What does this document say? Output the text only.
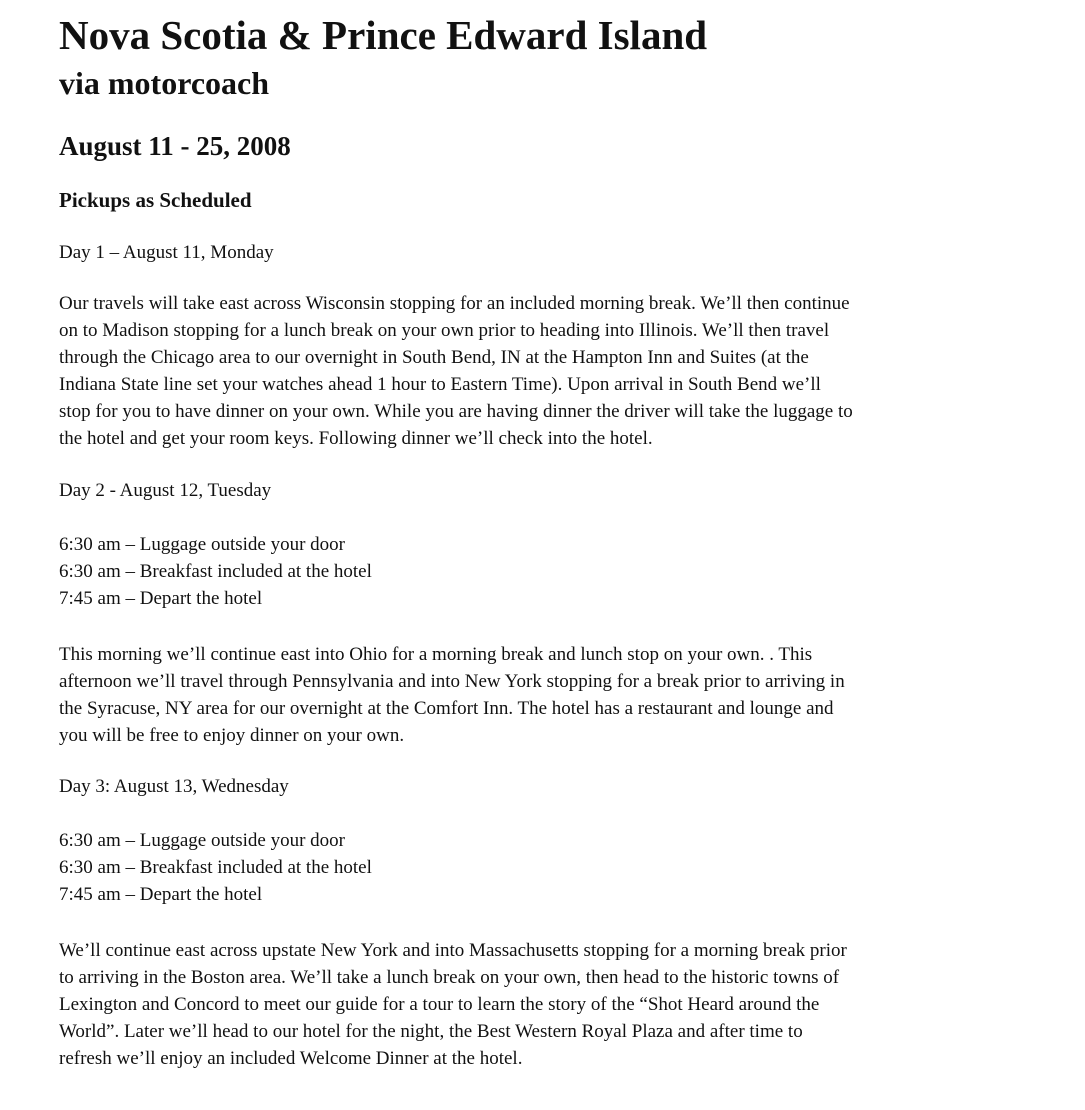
Nova Scotia & Prince Edward Island
via motorcoach
August 11 - 25, 2008
Pickups as Scheduled

Day 1 – August 11, Monday

Our travels will take east across Wisconsin stopping for an included morning break. We’ll then continue
on to Madison stopping for a lunch break on your own prior to heading into Illinois. We’ll then travel
through the Chicago area to our overnight in South Bend, IN at the Hampton Inn and Suites (at the
Indiana State line set your watches ahead 1 hour to Eastern Time). Upon arrival in South Bend we’ll
stop for you to have dinner on your own. While you are having dinner the driver will take the luggage to
the hotel and get your room keys. Following dinner we’ll check into the hotel.

Day 2 - August 12, Tuesday

6:30 am – Luggage outside your door
6:30 am – Breakfast included at the hotel
7:45 am – Depart the hotel
This morning we’ll continue east into Ohio for a morning break and lunch stop on your own. . This
afternoon we’ll travel through Pennsylvania and into New York stopping for a break prior to arriving in
the Syracuse, NY area for our overnight at the Comfort Inn. The hotel has a restaurant and lounge and
you will be free to enjoy dinner on your own.

Day 3: August 13, Wednesday

6:30 am – Luggage outside your door
6:30 am – Breakfast included at the hotel
7:45 am – Depart the hotel
We’ll continue east across upstate New York and into Massachusetts stopping for a morning break prior
to arriving in the Boston area. We’ll take a lunch break on your own, then head to the historic towns of
Lexington and Concord to meet our guide for a tour to learn the story of the “Shot Heard around the
World”. Later we’ll head to our hotel for the night, the Best Western Royal Plaza and after time to
refresh we’ll enjoy an included Welcome Dinner at the hotel.
